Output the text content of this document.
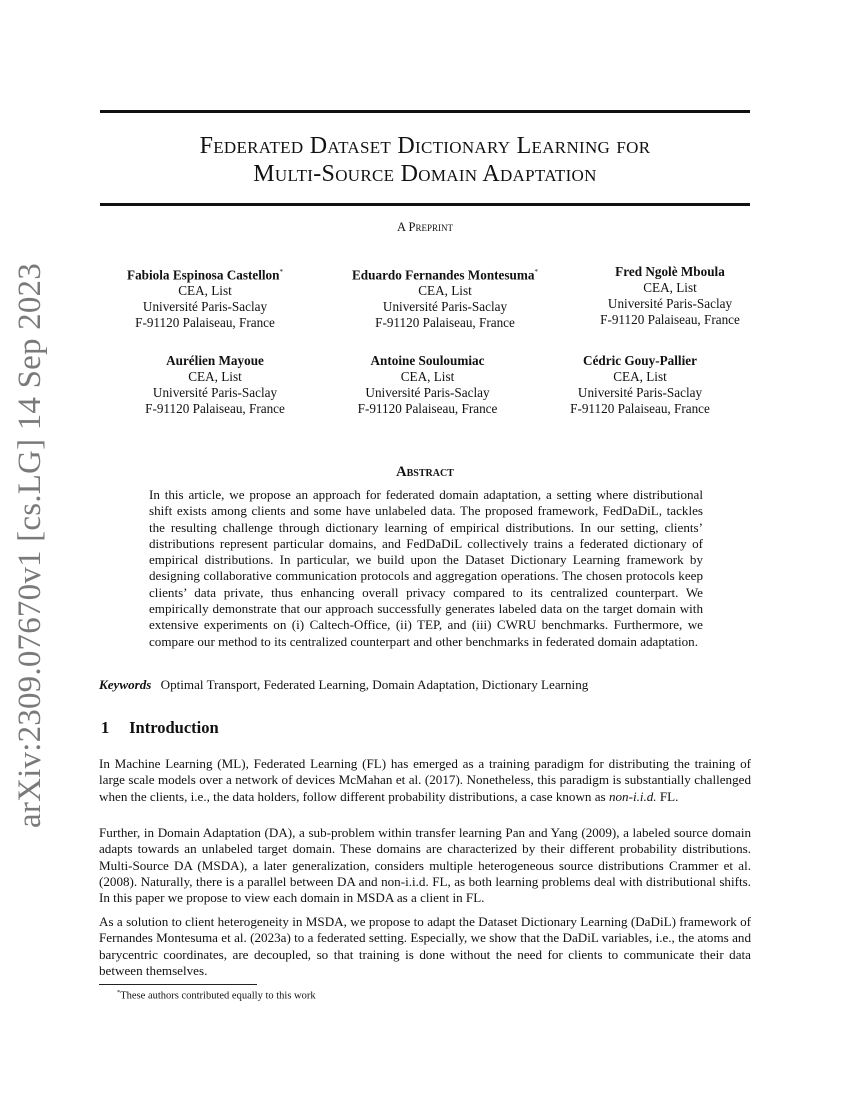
arXiv:2309.07670v1 [cs.LG] 14 Sep 2023
Federated Dataset Dictionary Learning for
Multi-Source Domain Adaptation
A Preprint
Fabiola Espinosa Castellon*
CEA, List
Université Paris-Saclay
F-91120 Palaiseau, France
Eduardo Fernandes Montesuma*
CEA, List
Université Paris-Saclay
F-91120 Palaiseau, France
Fred Ngolè Mboula
CEA, List
Université Paris-Saclay
F-91120 Palaiseau, France
Aurélien Mayoue
CEA, List
Université Paris-Saclay
F-91120 Palaiseau, France
Antoine Souloumiac
CEA, List
Université Paris-Saclay
F-91120 Palaiseau, France
Cédric Gouy-Pallier
CEA, List
Université Paris-Saclay
F-91120 Palaiseau, France
Abstract
In this article, we propose an approach for federated domain adaptation, a setting where distributional shift exists among clients and some have unlabeled data. The proposed framework, FedDaDiL, tackles the resulting challenge through dictionary learning of empirical distributions. In our setting, clients’ distributions represent particular domains, and FedDaDiL collectively trains a federated dictionary of empirical distributions. In particular, we build upon the Dataset Dictionary Learning framework by designing collaborative communication protocols and aggregation operations. The chosen protocols keep clients’ data private, thus enhancing overall privacy compared to its centralized counterpart. We empirically demonstrate that our approach successfully generates labeled data on the target domain with extensive experiments on (i) Caltech-Office, (ii) TEP, and (iii) CWRU benchmarks. Furthermore, we compare our method to its centralized counterpart and other benchmarks in federated domain adaptation.
Keywords Optimal Transport, Federated Learning, Domain Adaptation, Dictionary Learning
1 Introduction
In Machine Learning (ML), Federated Learning (FL) has emerged as a training paradigm for distributing the training of large scale models over a network of devices McMahan et al. (2017). Nonetheless, this paradigm is substantially challenged when the clients, i.e., the data holders, follow different probability distributions, a case known as non-i.i.d. FL.
Further, in Domain Adaptation (DA), a sub-problem within transfer learning Pan and Yang (2009), a labeled source domain adapts towards an unlabeled target domain. These domains are characterized by their different probability distributions. Multi-Source DA (MSDA), a later generalization, considers multiple heterogeneous source distributions Crammer et al. (2008). Naturally, there is a parallel between DA and non-i.i.d. FL, as both learning problems deal with distributional shifts. In this paper we propose to view each domain in MSDA as a client in FL.
As a solution to client heterogeneity in MSDA, we propose to adapt the Dataset Dictionary Learning (DaDiL) framework of Fernandes Montesuma et al. (2023a) to a federated setting. Especially, we show that the DaDiL variables, i.e., the atoms and barycentric coordinates, are decoupled, so that training is done without the need for clients to communicate their data between themselves.
*These authors contributed equally to this work
